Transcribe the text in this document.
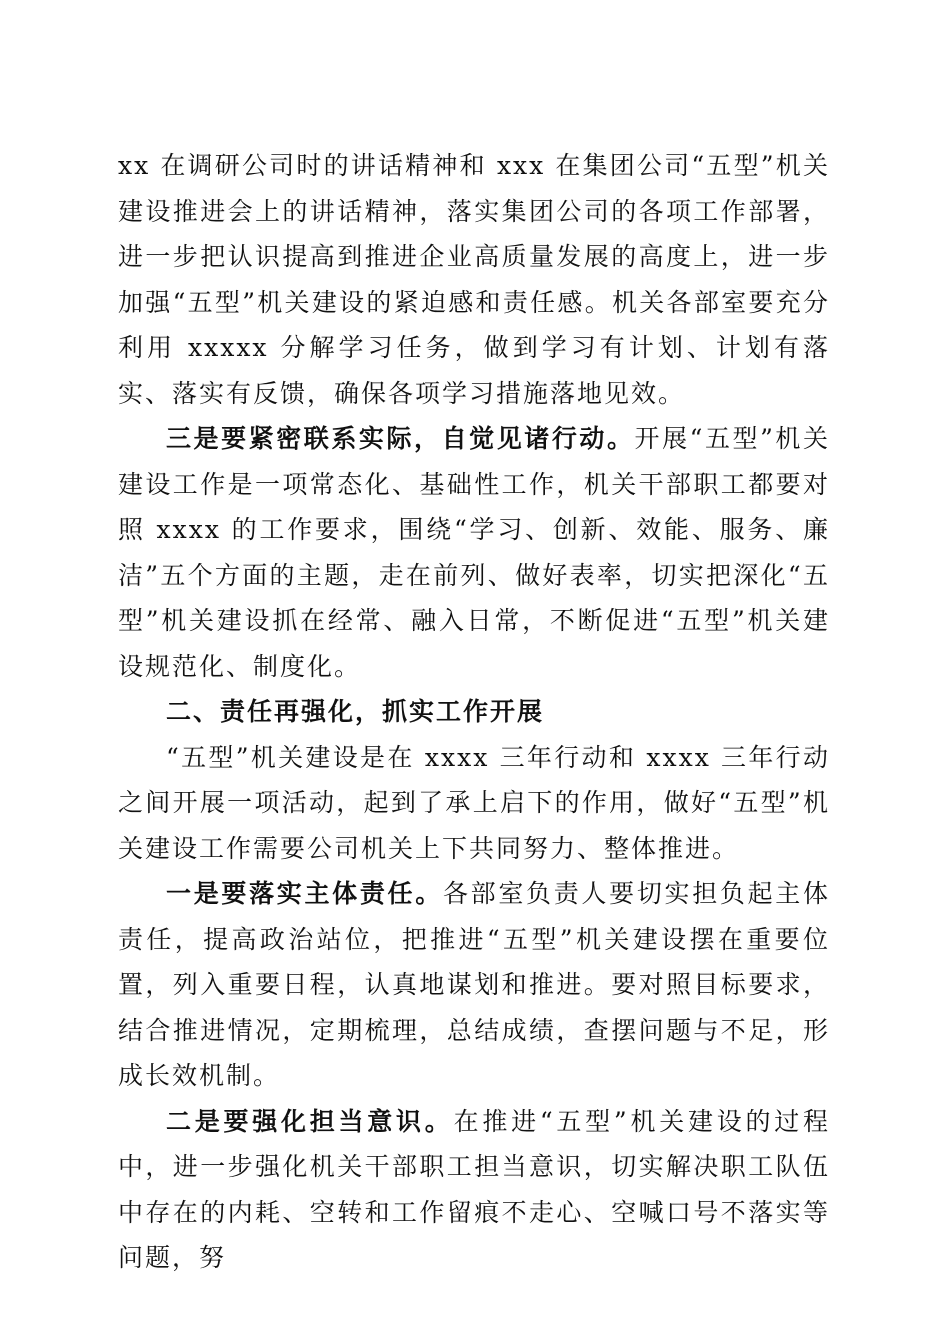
xx 在调研公司时的讲话精神和 xxx 在集团公司“五型”机关建设推进会上的讲话精神，落实集团公司的各项工作部署，进一步把认识提高到推进企业高质量发展的高度上，进一步加强“五型”机关建设的紧迫感和责任感。机关各部室要充分利用 xxxxx 分解学习任务，做到学习有计划、计划有落实、落实有反馈，确保各项学习措施落地见效。

三是要紧密联系实际，自觉见诸行动。开展“五型”机关建设工作是一项常态化、基础性工作，机关干部职工都要对照 xxxx 的工作要求，围绕“学习、创新、效能、服务、廉洁”五个方面的主题，走在前列、做好表率，切实把深化“五型”机关建设抓在经常、融入日常，不断促进“五型”机关建设规范化、制度化。

二、责任再强化，抓实工作开展

“五型”机关建设是在 xxxx 三年行动和 xxxx 三年行动之间开展一项活动，起到了承上启下的作用，做好“五型”机关建设工作需要公司机关上下共同努力、整体推进。

一是要落实主体责任。各部室负责人要切实担负起主体责任，提高政治站位，把推进“五型”机关建设摆在重要位置，列入重要日程，认真地谋划和推进。要对照目标要求，结合推进情况，定期梳理，总结成绩，查摆问题与不足，形成长效机制。

二是要强化担当意识。在推进“五型”机关建设的过程中，进一步强化机关干部职工担当意识，切实解决职工队伍中存在的内耗、空转和工作留痕不走心、空喊口号不落实等问题，努
